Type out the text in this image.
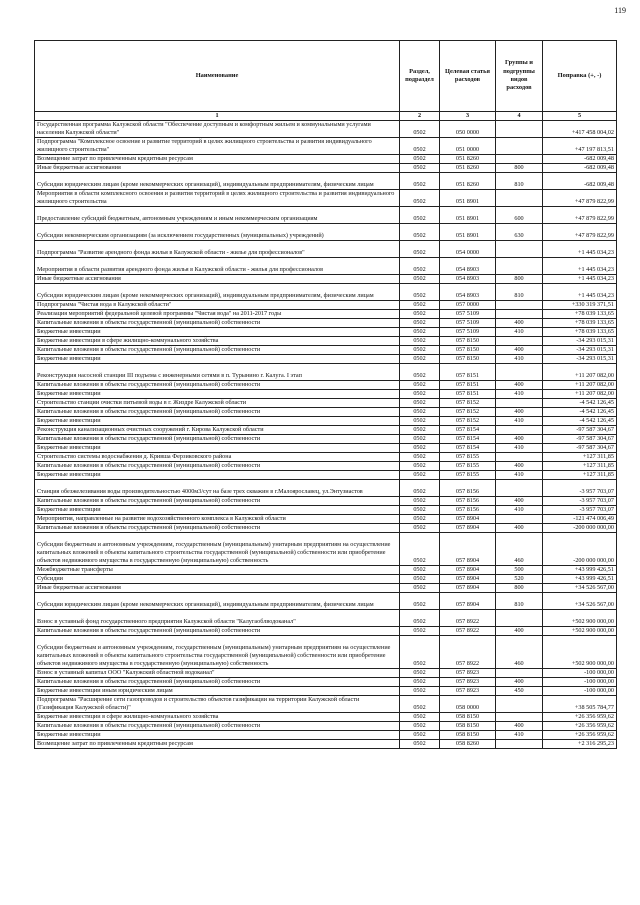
119
Наименование	Раздел, подраздел	Целевая статья расходов	Группы и подгруппы видов расходов	Поправка (+, -)
1	2	3	4	5
Государственная программа Калужской области "Обеспечение доступным и комфортным жильем и коммунальными услугами населения Калужской области"	0502	050 0000		+417 458 004,02
Подпрограмма "Комплексное освоение и развитие территорий в целях жилищного строительства и развития индивидуального жилищного строительства"	0502	051 0000		+47 197 813,51
Возмещение затрат по привлеченным кредитным ресурсам	0502	051 8260		-682 009,48
Иные бюджетные ассигнования	0502	051 8260	800	-682 009,48
Субсидии юридическим лицам (кроме некоммерческих организаций), индивидуальным предпринимателям, физическим лицам	0502	051 8260	810	-682 009,48
Мероприятия в области комплексного освоения и развития территорий в целях жилищного строительства и развития индивидуального жилищного строительства	0502	051 8901		+47 879 822,99
Предоставление субсидий бюджетным, автономным учреждениям и иным некоммерческим организациям	0502	051 8901	600	+47 879 822,99
Субсидии некоммерческим организациям (за исключением государственных (муниципальных) учреждений)	0502	051 8901	630	+47 879 822,99
Подпрограмма "Развитие арендного фонда жилья в Калужской области - жилье для профессионалов"	0502	054 0000		+1 445 034,23
Мероприятия в области развития арендного фонда жилья в Калужской области - жилья для профессионалов	0502	054 8903		+1 445 034,23
Иные бюджетные ассигнования	0502	054 8903	800	+1 445 034,23
Субсидии юридическим лицам (кроме некоммерческих организаций), индивидуальным предпринимателям, физическим лицам	0502	054 8903	810	+1 445 034,23
Подпрограмма "Чистая вода в Калужской области"	0502	057 0000		+330 319 371,51
Реализация мероприятий федеральной целевой программы "Чистая вода" на 2011-2017 годы	0502	057 5109		+78 039 133,65
Капитальные вложения в объекты государственной (муниципальной) собственности	0502	057 5109	400	+78 039 133,65
Бюджетные инвестиции	0502	057 5109	410	+78 039 133,65
Бюджетные инвестиции в сфере жилищно-коммунального хозяйства	0502	057 8150		-34 293 015,31
Капитальные вложения в объекты государственной (муниципальной) собственности	0502	057 8150	400	-34 293 015,31
Бюджетные инвестиции	0502	057 8150	410	-34 293 015,31
Реконструкция насосной станции III подъема с инженерными сетями в п. Турынино г. Калуга. I этап	0502	057 8151		+11 207 082,00
Капитальные вложения в объекты государственной (муниципальной) собственности	0502	057 8151	400	+11 207 082,00
Бюджетные инвестиции	0502	057 8151	410	+11 207 082,00
Строительство станции очистки питьевой воды в г. Жиздре Калужской области	0502	057 8152		-4 542 126,45
Капитальные вложения в объекты государственной (муниципальной) собственности	0502	057 8152	400	-4 542 126,45
Бюджетные инвестиции	0502	057 8152	410	-4 542 126,45
Реконструкция канализационных очистных сооружений г. Кирова Калужской области	0502	057 8154		-97 587 304,67
Капитальные вложения в объекты государственной (муниципальной) собственности	0502	057 8154	400	-97 587 304,67
Бюджетные инвестиции	0502	057 8154	410	-97 587 304,67
Строительство системы водоснабжения д. Кривша Ферзиковского района	0502	057 8155		+127 311,85
Капитальные вложения в объекты государственной (муниципальной) собственности	0502	057 8155	400	+127 311,85
Бюджетные инвестиции	0502	057 8155	410	+127 311,85
Станция обезжелезивания воды производительностью 4000м3/сут на базе трех скважин в г.Малоярославец, ул.Энтузиастов	0502	057 8156		-3 957 703,07
Капитальные вложения в объекты государственной (муниципальной) собственности	0502	057 8156	400	-3 957 703,07
Бюджетные инвестиции	0502	057 8156	410	-3 957 703,07
Мероприятия, направленные на развитие водохозяйственного комплекса в Калужской области	0502	057 8904		-121 474 006,49
Капитальные вложения в объекты государственной (муниципальной) собственности	0502	057 8904	400	-200 000 000,00
Субсидии бюджетным и автономным учреждениям, государственным (муниципальным) унитарным предприятиям на осуществление капитальных вложений в объекты капитального строительства государственной (муниципальной) собственности или приобретение объектов недвижимого имущества в государственную (муниципальную) собственность	0502	057 8904	460	-200 000 000,00
Межбюджетные трансферты	0502	057 8904	500	+43 999 426,51
Субсидии	0502	057 8904	520	+43 999 426,51
Иные бюджетные ассигнования	0502	057 8904	800	+34 526 567,00
Субсидии юридическим лицам (кроме некоммерческих организаций), индивидуальным предпринимателям, физическим лицам	0502	057 8904	810	+34 526 567,00
Взнос в уставный фонд государственного предприятия Калужской области "Калугаоблводоканал"	0502	057 8922		+502 900 000,00
Капитальные вложения в объекты государственной (муниципальной) собственности	0502	057 8922	400	+502 900 000,00
Субсидии бюджетным и автономным учреждениям, государственным (муниципальным) унитарным предприятиям на осуществление капитальных вложений в объекты капитального строительства государственной (муниципальной) собственности или приобретение объектов недвижимого имущества в государственную (муниципальную) собственность	0502	057 8922	460	+502 900 000,00
Взнос в уставный капитал ООО "Калужский областной водоканал"	0502	057 8923		-100 000,00
Капитальные вложения в объекты государственной (муниципальной) собственности	0502	057 8923	400	-100 000,00
Бюджетные инвестиции иным юридическим лицам	0502	057 8923	450	-100 000,00
Подпрограмма "Расширение сети газопроводов и строительство объектов газификации на территории Калужской области (Газификация Калужской области)"	0502	058 0000		+38 505 784,77
Бюджетные инвестиции в сфере жилищно-коммунального хозяйства	0502	058 8150		+26 356 959,62
Капитальные вложения в объекты государственной (муниципальной) собственности	0502	058 8150	400	+26 356 959,62
Бюджетные инвестиции	0502	058 8150	410	+26 356 959,62
Возмещение затрат по привлеченным кредитным ресурсам	0502	058 8260		+2 316 295,23
